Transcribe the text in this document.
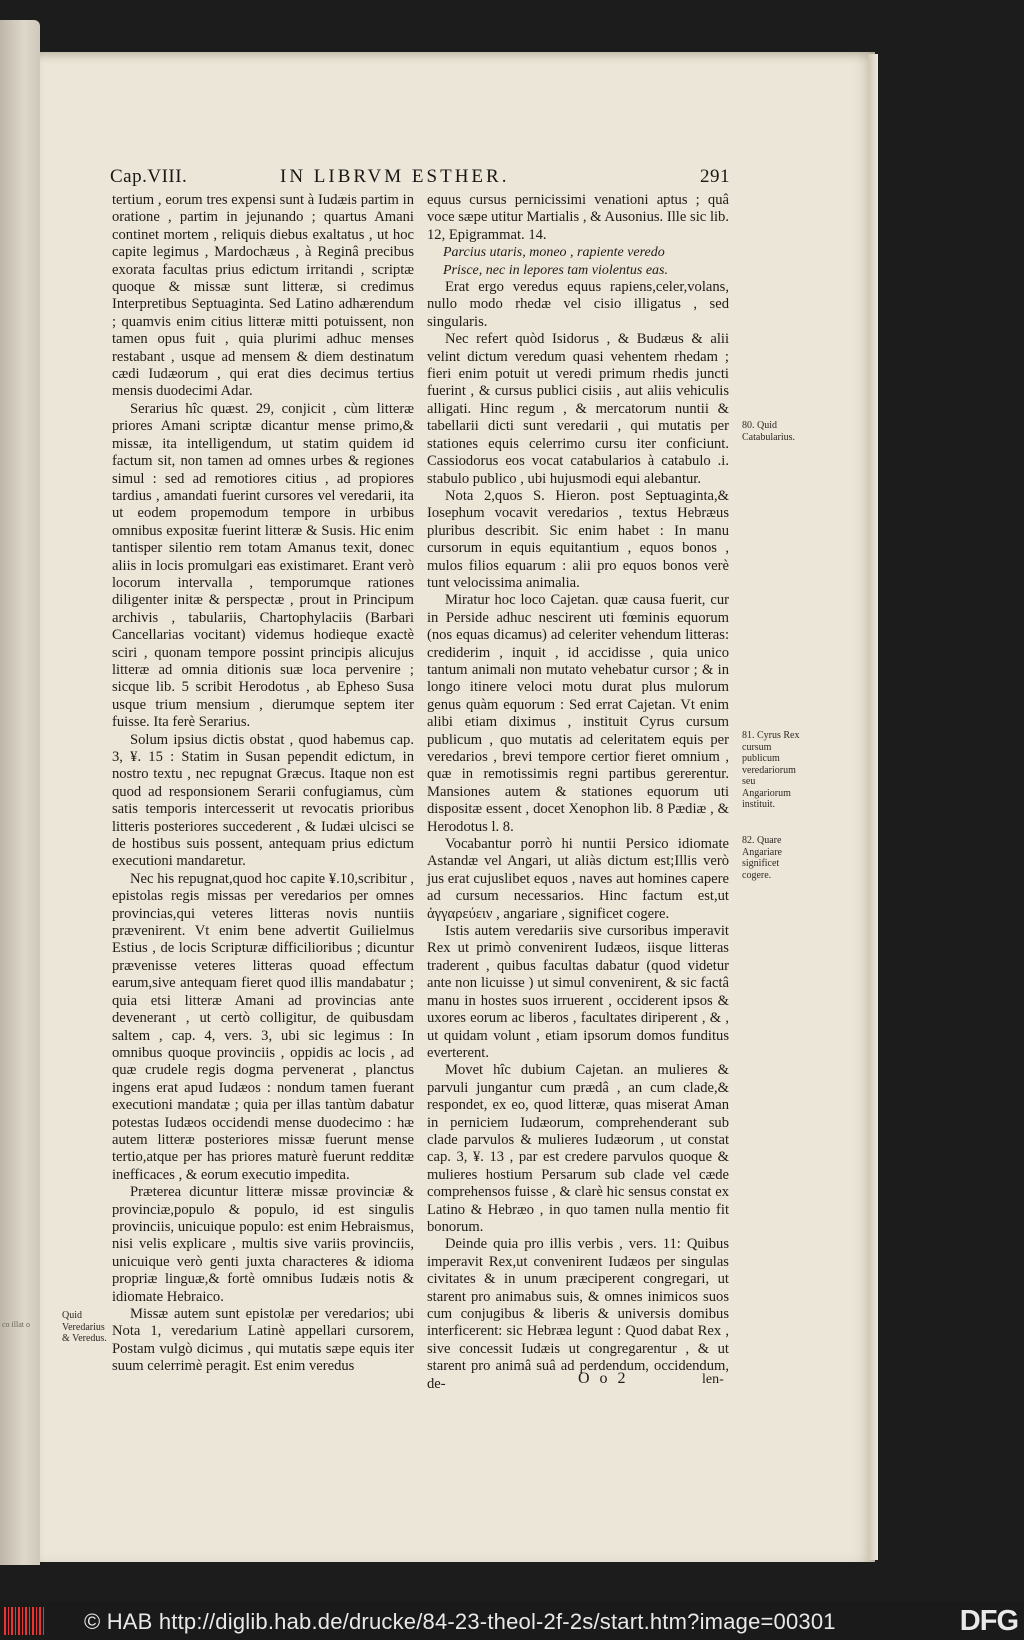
co illat o
Cap.VIII.	IN LIBRVM ESTHER.	291

tertium , eorum tres expensi sunt à Iudæis partim in oratione , partim in jejunando ; quartus Amani continet mortem , reliquis diebus exaltatus , ut hoc capite legimus , Mardochæus , à Reginâ precibus exorata facultas prius edictum irritandi , scriptæ quoque & missæ sunt litteræ, si credimus Interpretibus Septuaginta. Sed Latino adhærendum ; quamvis enim citius litteræ mitti potuissent, non tamen opus fuit , quia plurimi adhuc menses restabant , usque ad mensem & diem destinatum cædi Iudæorum , qui erat dies decimus tertius mensis duodecimi Adar.

Serarius hîc quæst. 29, conjicit , cùm litteræ priores Amani scriptæ dicantur mense primo,& missæ, ita intelligendum, ut statim quidem id factum sit, non tamen ad omnes urbes & regiones simul : sed ad remotiores citius , ad propiores tardius , amandati fuerint cursores vel veredarii, ita ut eodem propemodum tempore in urbibus omnibus expositæ fuerint litteræ & Susis. Hic enim tantisper silentio rem totam Amanus texit, donec aliis in locis promulgari eas existimaret. Erant verò locorum intervalla , temporumque rationes diligenter initæ & perspectæ , prout in Principum archivis , tabulariis, Chartophylaciis (Barbari Cancellarias vocitant) videmus hodieque exactè sciri , quonam tempore possint principis alicujus litteræ ad omnia ditionis suæ loca pervenire ; sicque lib. 5 scribit Herodotus , ab Epheso Susa usque trium mensium , dierumque septem iter fuisse. Ita ferè Serarius.

Solum ipsius dictis obstat , quod habemus cap. 3, ¥. 15 : Statim in Susan pependit edictum, in nostro textu , nec repugnat Græcus. Itaque non est quod ad responsionem Serarii confugiamus, cùm satis temporis intercesserit ut revocatis prioribus litteris posteriores succederent , & Iudæi ulcisci se de hostibus suis possent, antequam prius edictum executioni mandaretur.

Nec his repugnat,quod hoc capite ¥.10,scribitur , epistolas regis missas per veredarios per omnes provincias,qui veteres litteras novis nuntiis prævenirent. Vt enim bene advertit Guilielmus Estius , de locis Scripturæ difficilioribus ; dicuntur prævenisse veteres litteras quoad effectum earum,sive antequam fieret quod illis mandabatur ; quia etsi litteræ Amani ad provincias ante devenerant , ut certò colligitur, de quibusdam saltem , cap. 4, vers. 3, ubi sic legimus : In omnibus quoque provinciis , oppidis ac locis , ad quæ crudele regis dogma pervenerat , planctus ingens erat apud Iudæos : nondum tamen fuerant executioni mandatæ ; quia per illas tantùm dabatur potestas Iudæos occidendi mense duodecimo : hæ autem litteræ posteriores missæ fuerunt mense tertio,atque per has priores maturè fuerunt redditæ inefficaces , & eorum executio impedita.

Præterea dicuntur litteræ missæ provinciæ & provinciæ,populo & populo, id est singulis provinciis, unicuique populo: est enim Hebraismus, nisi velis explicare , multis sive variis provinciis, unicuique verò genti juxta characteres & idioma propriæ linguæ,& fortè omnibus Iudæis notis & idiomate Hebraico.

Missæ autem sunt epistolæ per veredarios; ubi Nota 1, veredarium Latinè appellari cursorem, Postam vulgò dicimus , qui mutatis sæpe equis iter suum celerrimè peragit. Est enim veredus

equus cursus pernicissimi venationi aptus ; quâ voce sæpe utitur Martialis , & Ausonius. Ille sic lib. 12, Epigrammat. 14.

Parcius utaris, moneo , rapiente veredo

Prisce, nec in lepores tam violentus eas.

Erat ergo veredus equus rapiens,celer,volans, nullo modo rhedæ vel cisio illigatus , sed singularis.

Nec refert quòd Isidorus , & Budæus & alii velint dictum veredum quasi vehentem rhedam ; fieri enim potuit ut veredi primum rhedis juncti fuerint , & cursus publici cisiis , aut aliis vehiculis alligati. Hinc regum , & mercatorum nuntii & tabellarii dicti sunt veredarii , qui mutatis per stationes equis celerrimo cursu iter conficiunt. Cassiodorus eos vocat catabularios à catabulo .i. stabulo publico , ubi hujusmodi equi alebantur.

Nota 2,quos S. Hieron. post Septuaginta,& Iosephum vocavit veredarios , textus Hebræus pluribus describit. Sic enim habet : In manu cursorum in equis equitantium , equos bonos , mulos filios equarum : alii pro equos bonos verè tunt velocissima animalia.

Miratur hoc loco Cajetan. quæ causa fuerit, cur in Perside adhuc nescirent uti fœminis equorum (nos equas dicamus) ad celeriter vehendum litteras: crediderim , inquit , id accidisse , quia unico tantum animali non mutato vehebatur cursor ; & in longo itinere veloci motu durat plus mulorum genus quàm equorum : Sed errat Cajetan. Vt enim alibi etiam diximus , instituit Cyrus cursum publicum , quo mutatis ad celeritatem equis per veredarios , brevi tempore certior fieret omnium , quæ in remotissimis regni partibus gererentur. Mansiones autem & stationes equorum uti dispositæ essent , docet Xenophon lib. 8 Pædiæ , & Herodotus l. 8.

Vocabantur porrò hi nuntii Persico idiomate Astandæ vel Angari, ut aliàs dictum est;Illis verò jus erat cujuslibet equos , naves aut homines capere ad cursum necessarios. Hinc factum est,ut ἀγγαρεύειν , angariare , significet cogere.

Istis autem veredariis sive cursoribus imperavit Rex ut primò convenirent Iudæos, iisque litteras traderent , quibus facultas dabatur (quod videtur ante non licuisse ) ut simul convenirent, & sic factâ manu in hostes suos irruerent , occiderent ipsos & uxores eorum ac liberos , facultates diriperent , & , ut quidam volunt , etiam ipsorum domos funditus everterent.

Movet hîc dubium Cajetan. an mulieres & parvuli jungantur cum prædâ , an cum clade,& respondet, ex eo, quod litteræ, quas miserat Aman in perniciem Iudæorum, comprehenderant sub clade parvulos & mulieres Iudæorum , ut constat cap. 3, ¥. 13 , par est credere parvulos quoque & mulieres hostium Persarum sub clade vel cæde comprehensos fuisse , & clarè hic sensus constat ex Latino & Hebræo , in quo tamen nulla mentio fit bonorum.

Deinde quia pro illis verbis , vers. 11: Quibus imperavit Rex,ut convenirent Iudæos per singulas civitates & in unum præciperent congregari, ut starent pro animabus suis, & omnes inimicos suos cum conjugibus & liberis & universis domibus interficerent: sic Hebræa legunt : Quod dabat Rex , sive concessit Iudæis ut congregarentur , & ut starent pro animâ suâ ad perdendum, occidendum, de-

80. Quid Catabularius.
81. Cyrus Rex cursum publicum veredariorum seu Angariorum instituit.
82. Quare Angariare significet cogere.
Quid Veredarius & Veredus.
O o 2	len-
© HAB http://diglib.hab.de/drucke/84-23-theol-2f-2s/start.htm?image=00301	DFG
